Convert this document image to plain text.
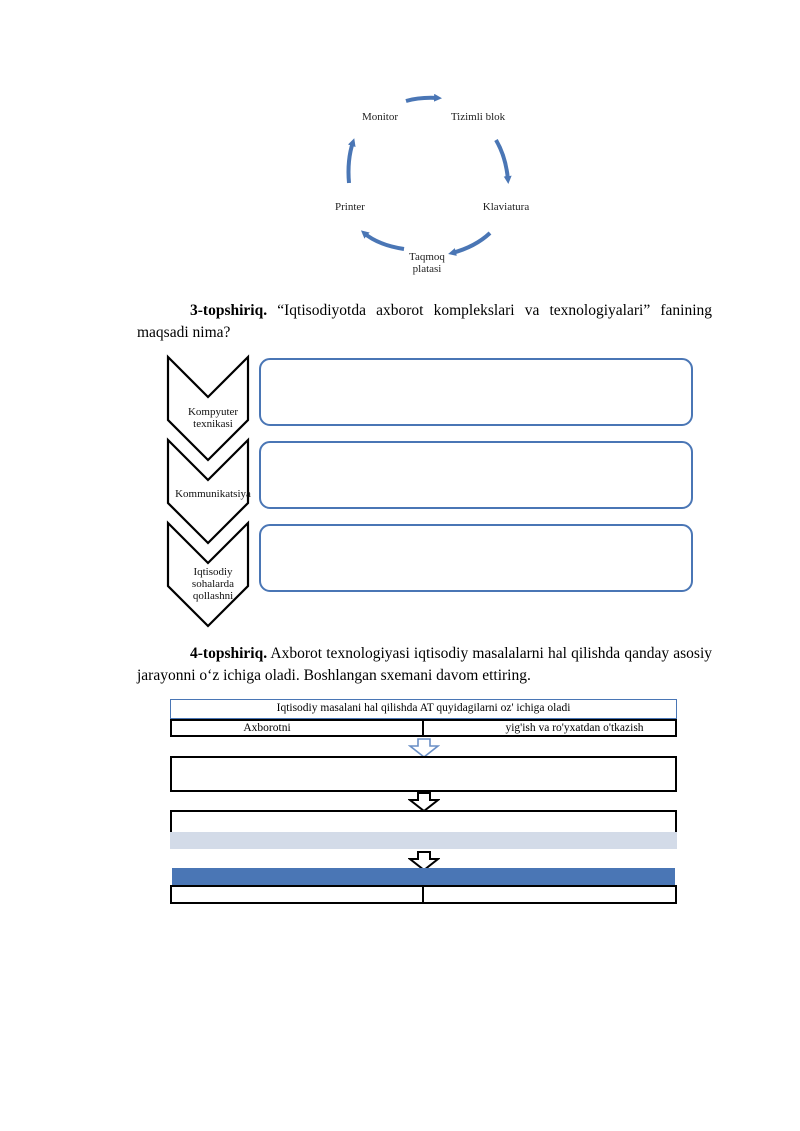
Monitor	Tizimli blok
Klaviatura
Taqmoq platasi
Printer
3-topshiriq. “Iqtisodiyotda axborot komplekslari va texnologiyalari” fanining maqsadi nima?
Kompyuter texnikasi
Kommunikatsiya
Iqtisodiy sohalarda qollashni
4-topshiriq. Axborot texnologiyasi iqtisodiy masalalarni hal qilishda qanday asosiy jarayonni o‘z ichiga oladi. Boshlangan sxemani davom ettiring.
Iqtisodiy masalani hal qilishda AT quyidagilarni oz' ichiga oladi
Axborotni	yig'ish va ro'yxatdan o'tkazish
